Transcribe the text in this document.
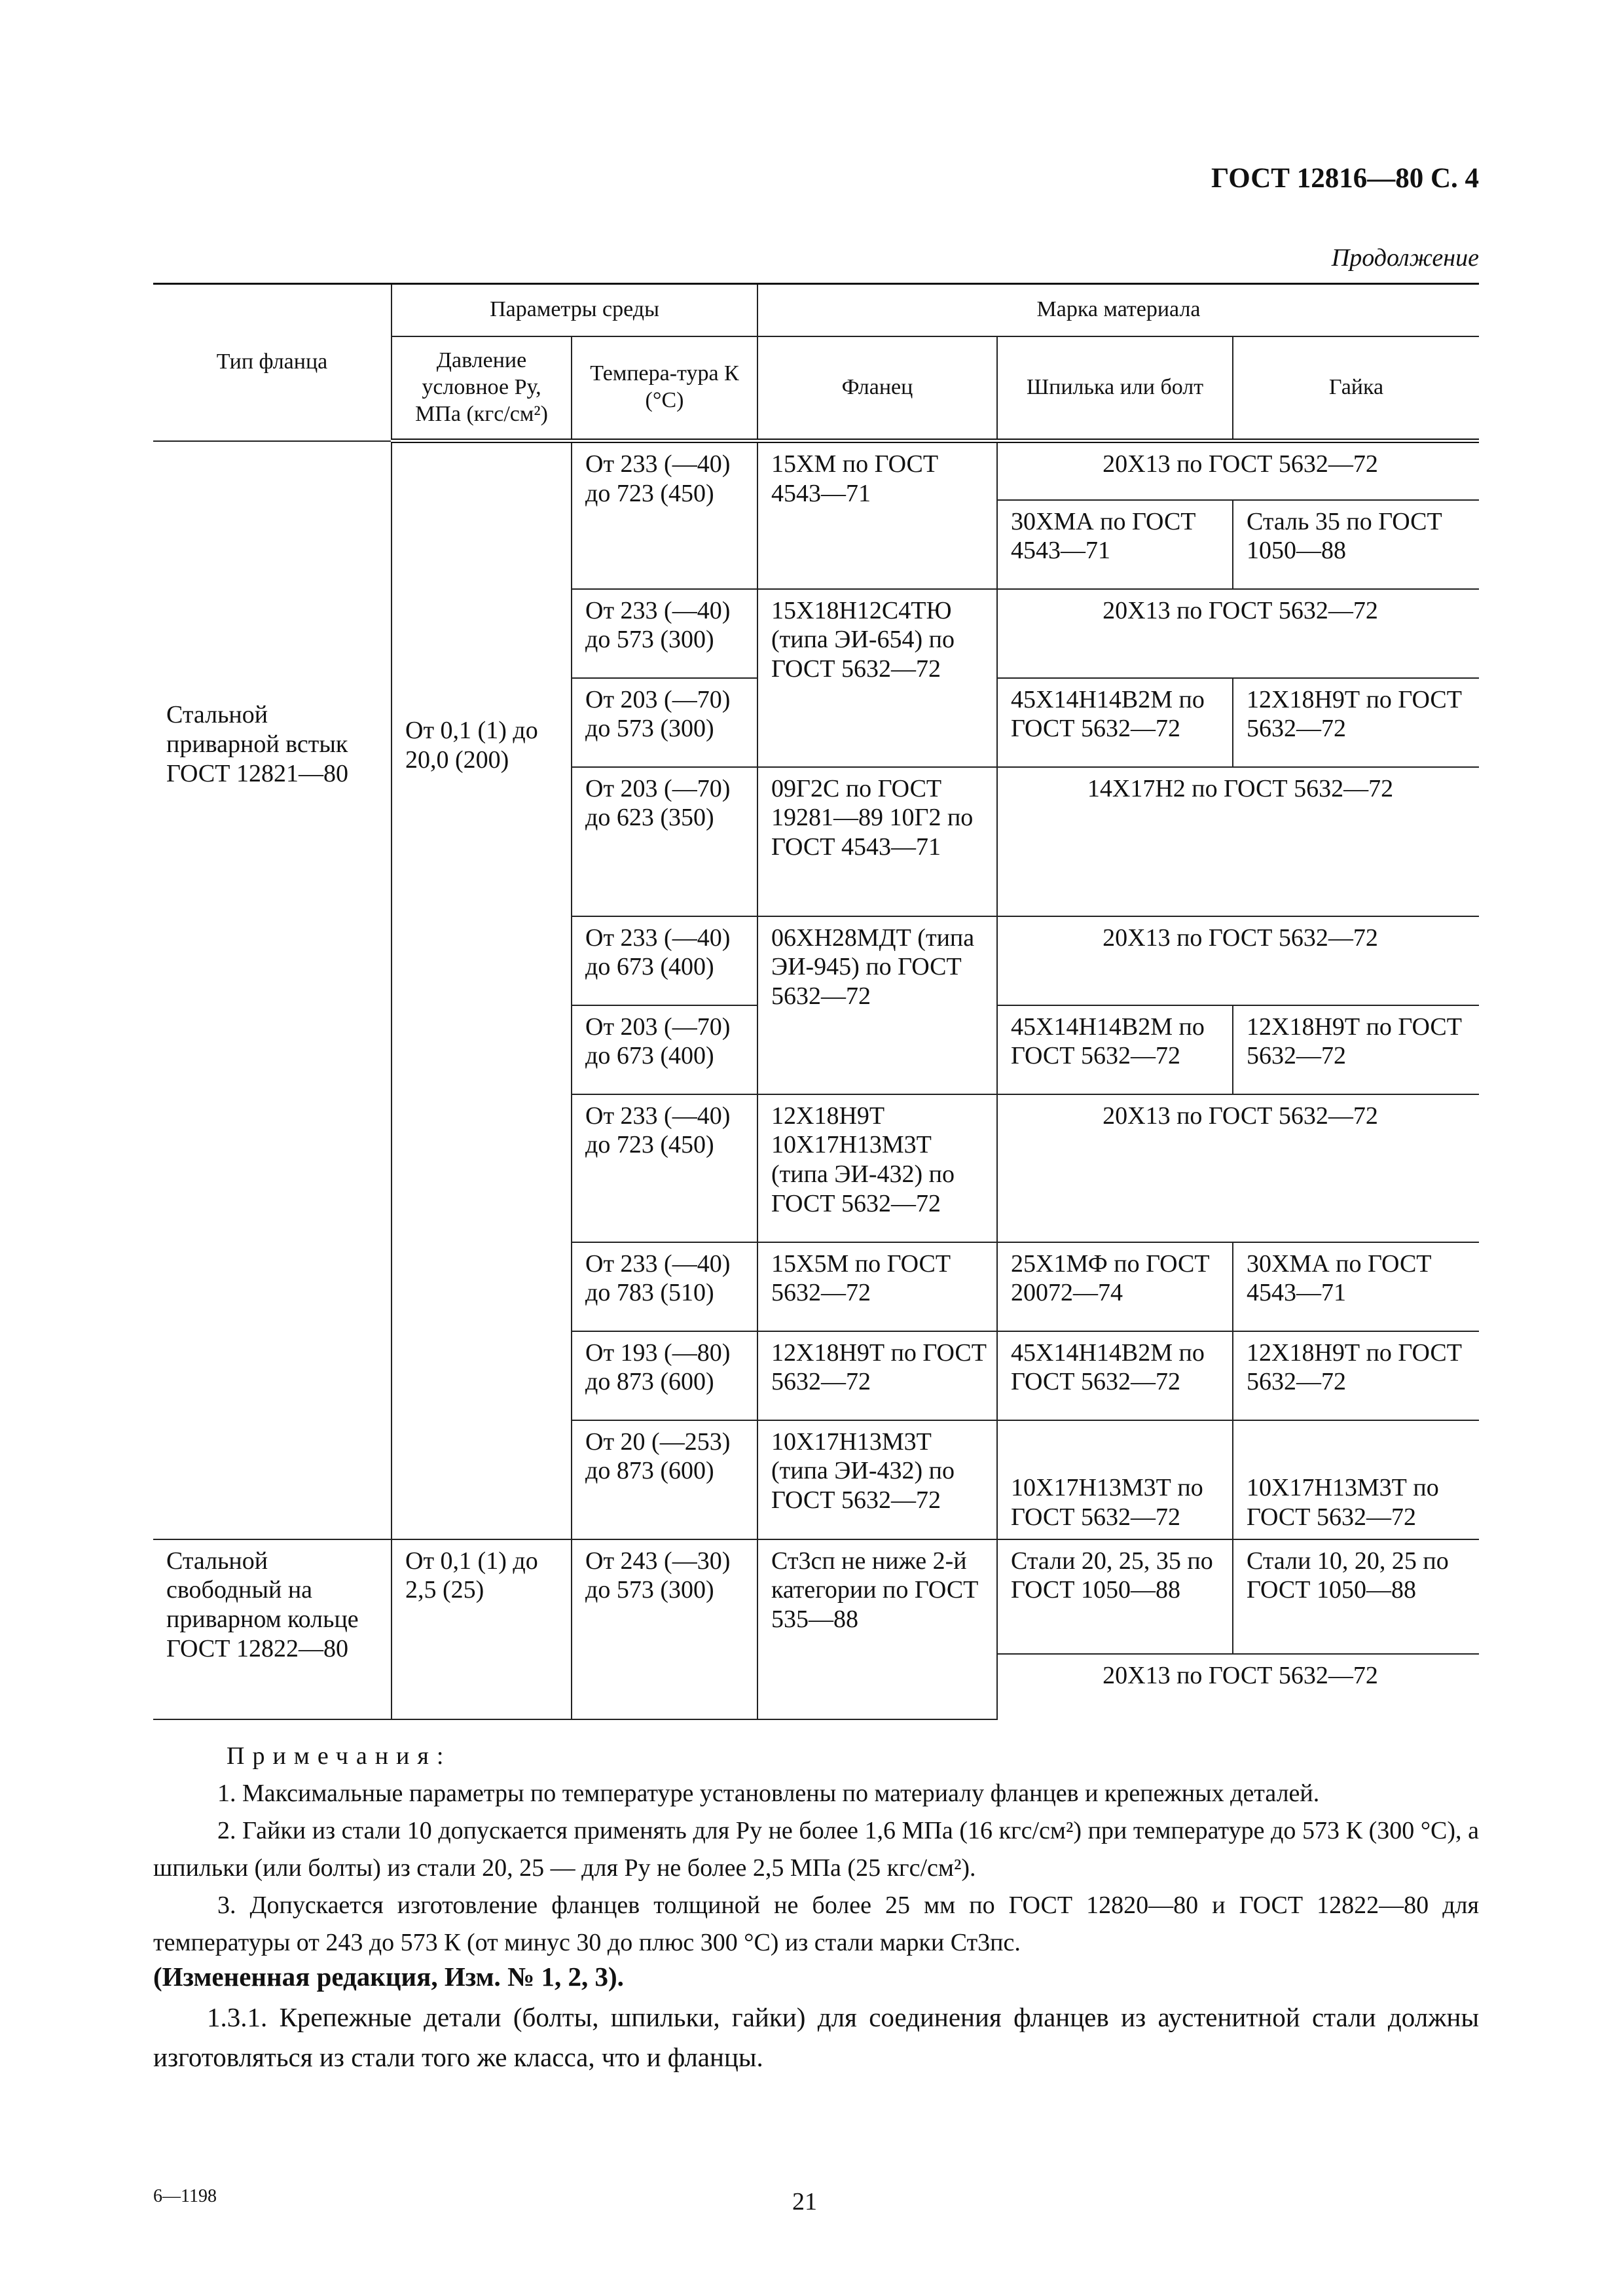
ГОСТ 12816—80 С. 4
Продолжение
Тип фланца	Параметры среды		Марка материала		
	Давление условное Pу, МПа (кгс/см²)	Темпера-тура К (°С)	Фланец	Шпилька или болт	Гайка
Стальной приварной встык ГОСТ 12821—80	От 0,1 (1) до 20,0 (200)	От 233 (—40) до 723 (450)	15ХМ по ГОСТ 4543—71	20Х13 по ГОСТ 5632—72	
				30ХМА по ГОСТ 4543—71	Сталь 35 по ГОСТ 1050—88
		От 233 (—40) до 573 (300)	15Х18Н12С4ТЮ (типа ЭИ-654) по ГОСТ 5632—72	20Х13 по ГОСТ 5632—72	
		От 203 (—70) до 573 (300)		45Х14Н14В2М по ГОСТ 5632—72	12Х18Н9Т по ГОСТ 5632—72
		От 203 (—70) до 623 (350)	09Г2С по ГОСТ 19281—89 10Г2 по ГОСТ 4543—71	14Х17Н2 по ГОСТ 5632—72	
		От 233 (—40) до 673 (400)	06ХН28МДТ (типа ЭИ-945) по ГОСТ 5632—72	20Х13 по ГОСТ 5632—72	
		От 203 (—70) до 673 (400)		45Х14Н14В2М по ГОСТ 5632—72	12Х18Н9Т по ГОСТ 5632—72
		От 233 (—40) до 723 (450)	12Х18Н9Т 10Х17Н13М3Т (типа ЭИ-432) по ГОСТ 5632—72	20Х13 по ГОСТ 5632—72	
		От 233 (—40) до 783 (510)	15Х5М по ГОСТ 5632—72	25Х1МФ по ГОСТ 20072—74	30ХМА по ГОСТ 4543—71
		От 193 (—80) до 873 (600)	12Х18Н9Т по ГОСТ 5632—72	45Х14Н14В2М по ГОСТ 5632—72	12Х18Н9Т по ГОСТ 5632—72
		От 20 (—253) до 873 (600)	10Х17Н13М3Т (типа ЭИ-432) по ГОСТ 5632—72	10Х17Н13М3Т по ГОСТ 5632—72	10Х17Н13М3Т по ГОСТ 5632—72
Стальной свободный на приварном кольце ГОСТ 12822—80	От 0,1 (1) до 2,5 (25)	От 243 (—30) до 573 (300)	Ст3сп не ниже 2-й категории по ГОСТ 535—88	Стали 20, 25, 35 по ГОСТ 1050—88	Стали 10, 20, 25 по ГОСТ 1050—88
				20Х13 по ГОСТ 5632—72	

Примечания:

1. Максимальные параметры по температуре установлены по материалу фланцев и крепежных деталей.

2. Гайки из стали 10 допускается применять для Pу не более 1,6 МПа (16 кгс/см²) при температуре до 573 К (300 °С), а шпильки (или болты) из стали 20, 25 — для Pу не более 2,5 МПа (25 кгс/см²).

3. Допускается изготовление фланцев толщиной не более 25 мм по ГОСТ 12820—80 и ГОСТ 12822—80 для температуры от 243 до 573 К (от минус 30 до плюс 300 °С) из стали марки Ст3пс.

(Измененная редакция, Изм. № 1, 2, 3).

1.3.1. Крепежные детали (болты, шпильки, гайки) для соединения фланцев из аустенитной стали должны изготовляться из стали того же класса, что и фланцы.

6—1198	21
